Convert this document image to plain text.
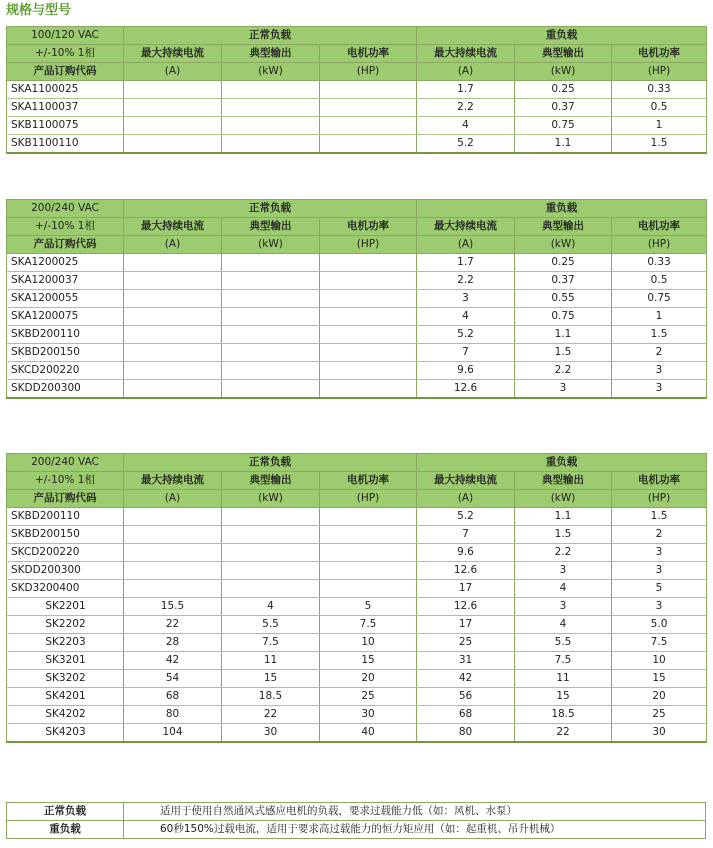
规格与型号
100/120 VAC	正常负载			重负载		
+/-10% 1相	最大持续电流	典型输出	电机功率	最大持续电流	典型输出	电机功率
产品订购代码	(A)	(kW)	(HP)	(A)	(kW)	(HP)
SKA1100025				1.7	0.25	0.33
SKA1100037				2.2	0.37	0.5
SKB1100075				4	0.75	1
SKB1100110				5.2	1.1	1.5
200/240 VAC	正常负载			重负载		
+/-10% 1相	最大持续电流	典型输出	电机功率	最大持续电流	典型输出	电机功率
产品订购代码	(A)	(kW)	(HP)	(A)	(kW)	(HP)
SKA1200025				1.7	0.25	0.33
SKA1200037				2.2	0.37	0.5
SKA1200055				3	0.55	0.75
SKA1200075				4	0.75	1
SKBD200110				5.2	1.1	1.5
SKBD200150				7	1.5	2
SKCD200220				9.6	2.2	3
SKDD200300				12.6	3	3
200/240 VAC	正常负载			重负载		
+/-10% 1相	最大持续电流	典型输出	电机功率	最大持续电流	典型输出	电机功率
产品订购代码	(A)	(kW)	(HP)	(A)	(kW)	(HP)
SKBD200110				5.2	1.1	1.5
SKBD200150				7	1.5	2
SKCD200220				9.6	2.2	3
SKDD200300				12.6	3	3
SKD3200400				17	4	5
SK2201	15.5	4	5	12.6	3	3
SK2202	22	5.5	7.5	17	4	5.0
SK2203	28	7.5	10	25	5.5	7.5
SK3201	42	11	15	31	7.5	10
SK3202	54	15	20	42	11	15
SK4201	68	18.5	25	56	15	20
SK4202	80	22	30	68	18.5	25
SK4203	104	30	40	80	22	30
正常负载	适用于使用自然通风式感应电机的负载，要求过载能力低（如：风机、水泵）
重负载	60秒150%过载电流，适用于要求高过载能力的恒力矩应用（如：起重机、吊升机械）
